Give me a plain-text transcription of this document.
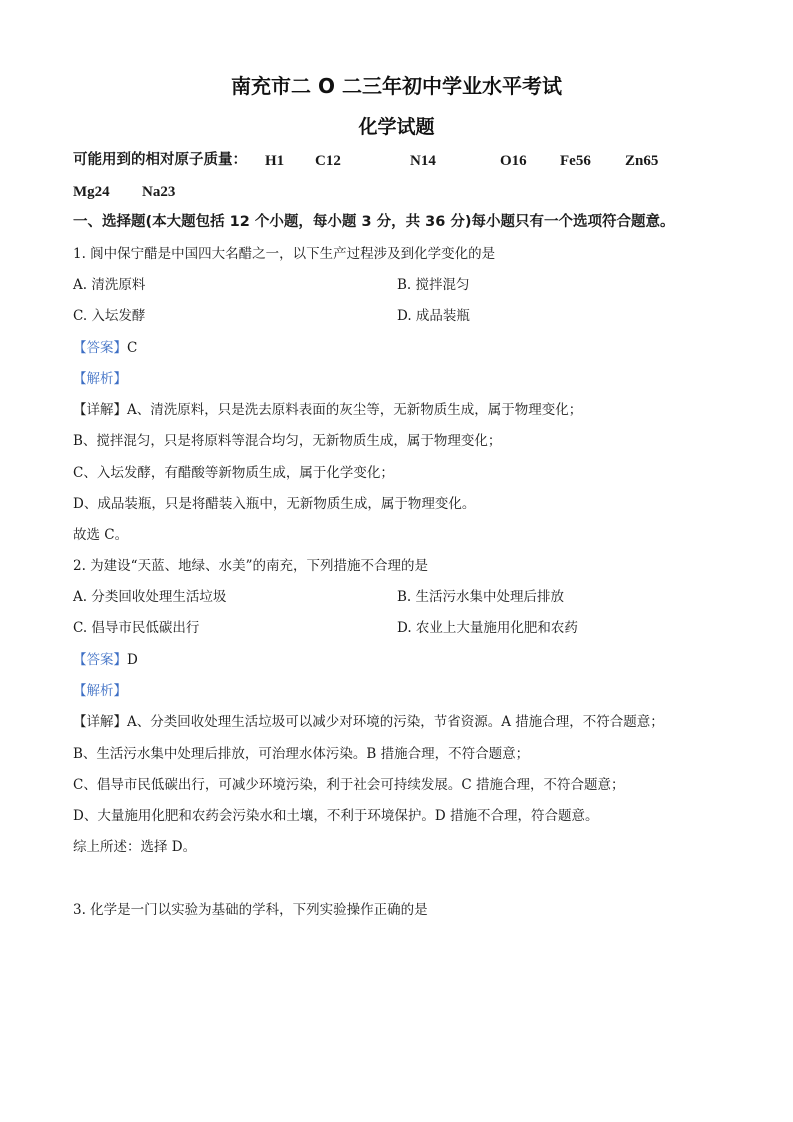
南充市二 O 二三年初中学业水平考试
化学试题
可能用到的相对原子质量： H1 C12	N14	O16 Fe56 Zn65
Mg24 Na23
一、选择题(本大题包括 12 个小题，每小题 3 分，共 36 分)每小题只有一个选项符合题意。
1. 阆中保宁醋是中国四大名醋之一，以下生产过程涉及到化学变化的是
A. 清洗原料	B. 搅拌混匀
C. 入坛发酵	D. 成品装瓶
【答案】C
【解析】
【详解】A、清洗原料，只是洗去原料表面的灰尘等，无新物质生成，属于物理变化；
B、搅拌混匀，只是将原料等混合均匀，无新物质生成，属于物理变化；
C、入坛发酵，有醋酸等新物质生成，属于化学变化；
D、成品装瓶，只是将醋装入瓶中，无新物质生成，属于物理变化。
故选 C。
2. 为建设“天蓝、地绿、水美”的南充，下列措施不合理的是
A. 分类回收处理生活垃圾	B. 生活污水集中处理后排放
C. 倡导市民低碳出行	D. 农业上大量施用化肥和农药
【答案】D
【解析】
【详解】A、分类回收处理生活垃圾可以减少对环境的污染，节省资源。A 措施合理，不符合题意；
B、生活污水集中处理后排放，可治理水体污染。B 措施合理，不符合题意；
C、倡导市民低碳出行，可减少环境污染，利于社会可持续发展。C 措施合理，不符合题意；
D、大量施用化肥和农药会污染水和土壤，不利于环境保护。D 措施不合理，符合题意。
综上所述：选择 D。
3. 化学是一门以实验为基础的学科，下列实验操作正确的是
